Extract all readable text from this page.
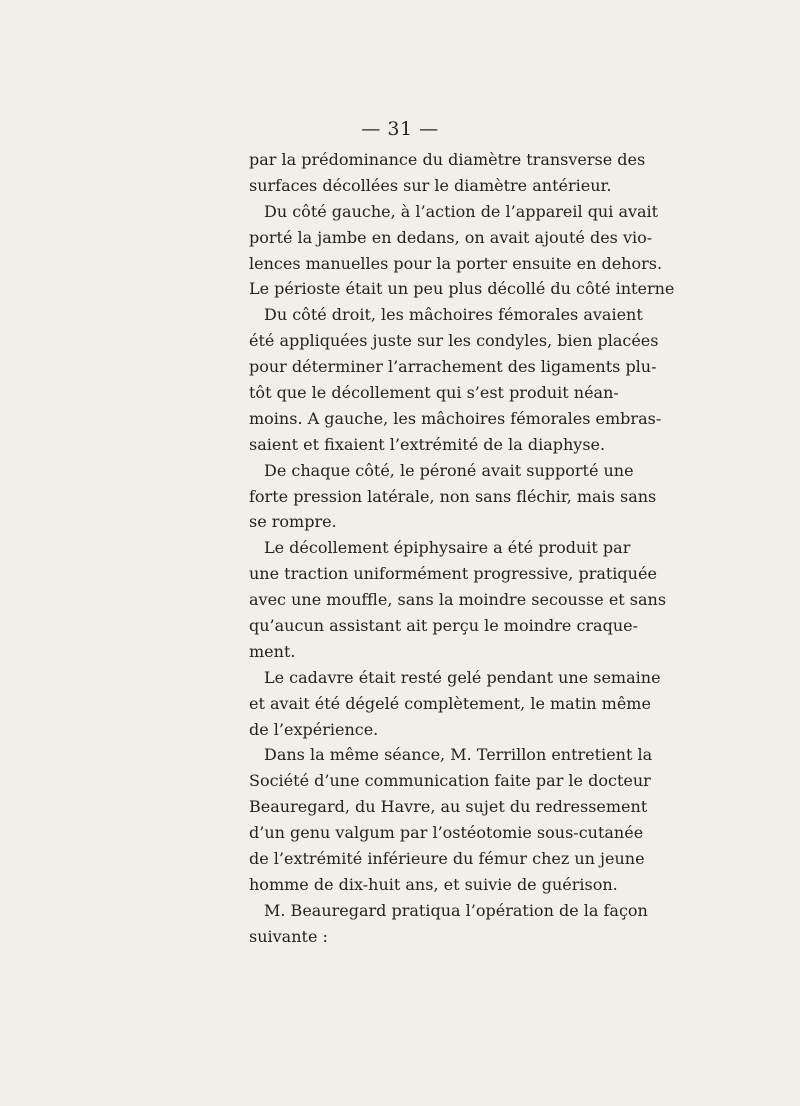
— 31 —
par la prédominance du diamètre transverse des
surfaces décollées sur le diamètre antérieur.
Du côté gauche, à l’action de l’appareil qui avait
porté la jambe en dedans, on avait ajouté des vio-
lences manuelles pour la porter ensuite en dehors.
Le périoste était un peu plus décollé du côté interne
Du côté droit, les mâchoires fémorales avaient
été appliquées juste sur les condyles, bien placées
pour déterminer l’arrachement des ligaments plu-
tôt que le décollement qui s’est produit néan-
moins. A gauche, les mâchoires fémorales embras-
saient et fixaient l’extrémité de la diaphyse.
De chaque côté, le péroné avait supporté une
forte pression latérale, non sans fléchir, mais sans
se rompre.
Le décollement épiphysaire a été produit par
une traction uniformément progressive, pratiquée
avec une mouffle, sans la moindre secousse et sans
qu’aucun assistant ait perçu le moindre craque-
ment.
Le cadavre était resté gelé pendant une semaine
et avait été dégelé complètement, le matin même
de l’expérience.
Dans la même séance, M. Terrillon entretient la
Société d’une communication faite par le docteur
Beauregard, du Havre, au sujet du redressement
d’un genu valgum par l’ostéotomie sous-cutanée
de l’extrémité inférieure du fémur chez un jeune
homme de dix-huit ans, et suivie de guérison.
M. Beauregard pratiqua l’opération de la façon
suivante :
